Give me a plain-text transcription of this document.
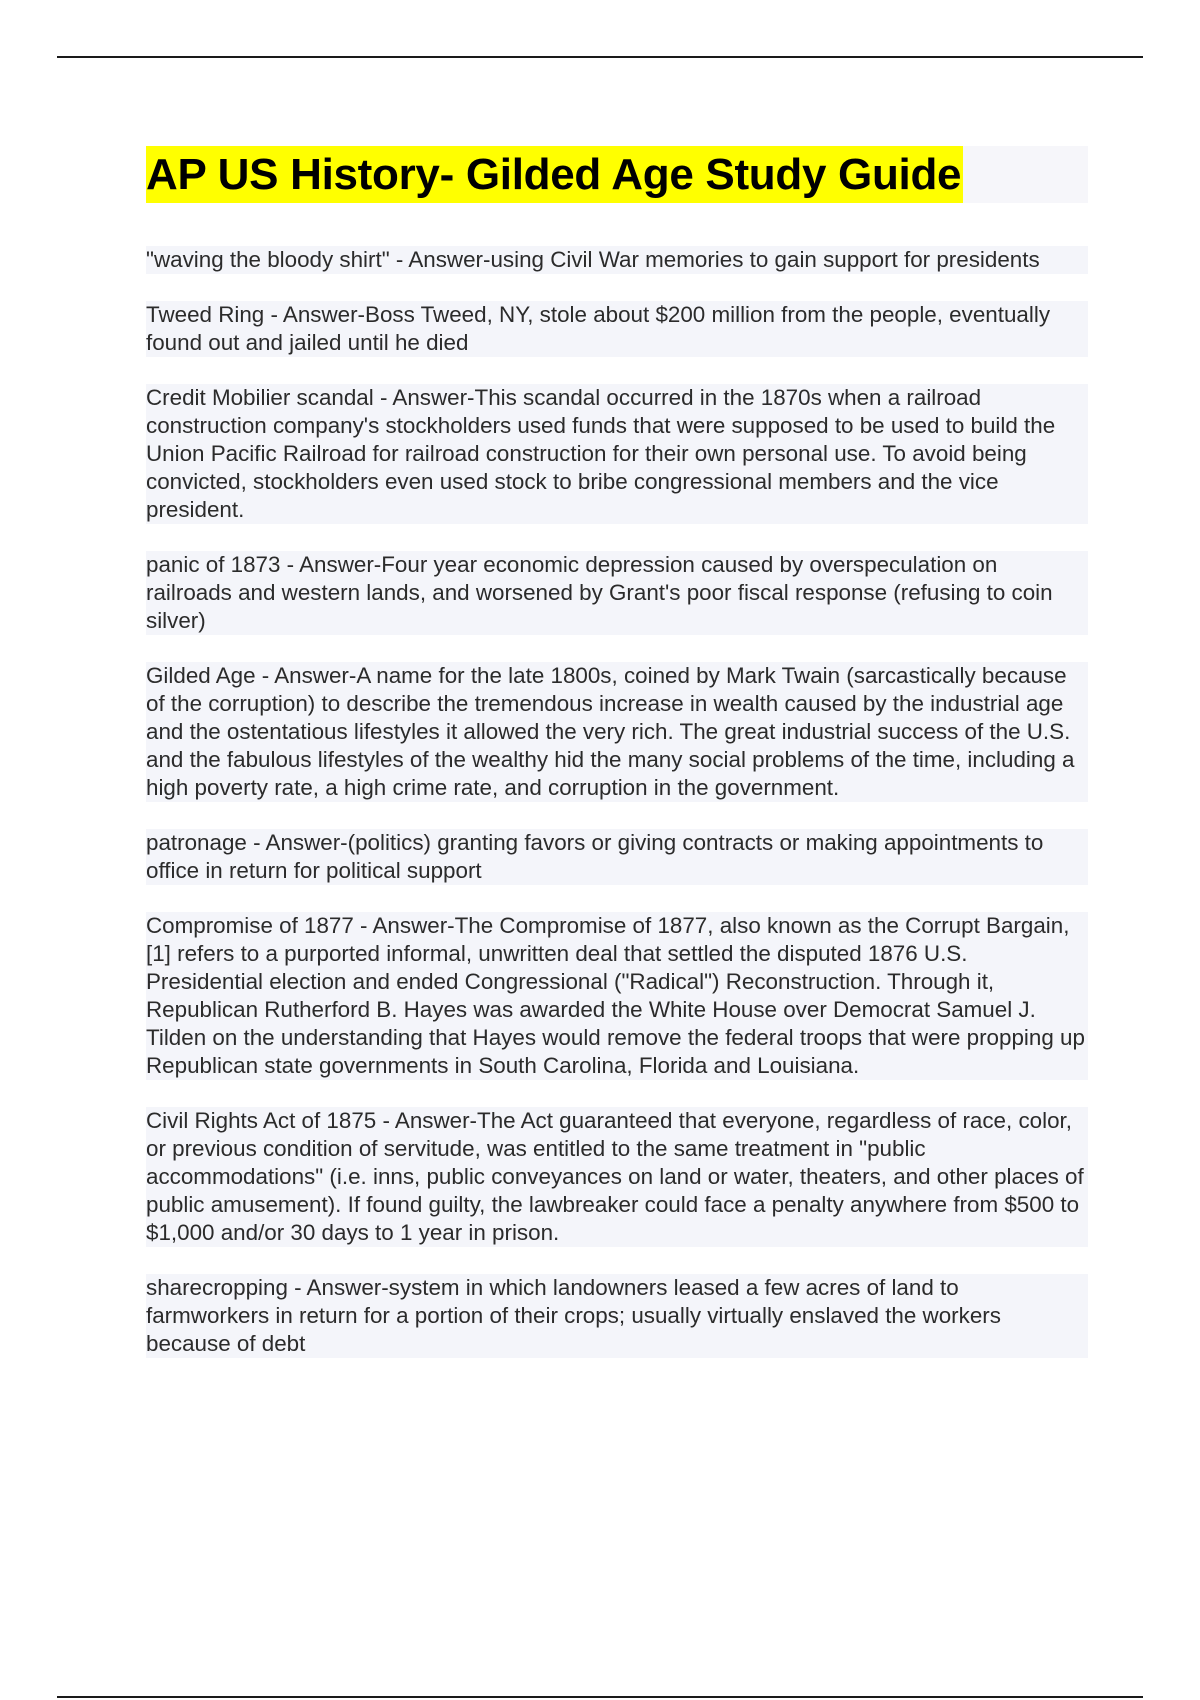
AP US History- Gilded Age Study Guide

"waving the bloody shirt" - Answer-using Civil War memories to gain support for presidents

Tweed Ring - Answer-Boss Tweed, NY, stole about $200 million from the people, eventually found out and jailed until he died

Credit Mobilier scandal - Answer-This scandal occurred in the 1870s when a railroad construction company's stockholders used funds that were supposed to be used to build the Union Pacific Railroad for railroad construction for their own personal use. To avoid being convicted, stockholders even used stock to bribe congressional members and the vice president.

panic of 1873 - Answer-Four year economic depression caused by overspeculation on railroads and western lands, and worsened by Grant's poor fiscal response (refusing to coin silver)

Gilded Age - Answer-A name for the late 1800s, coined by Mark Twain (sarcastically because of the corruption) to describe the tremendous increase in wealth caused by the industrial age and the ostentatious lifestyles it allowed the very rich. The great industrial success of the U.S. and the fabulous lifestyles of the wealthy hid the many social problems of the time, including a high poverty rate, a high crime rate, and corruption in the government.

patronage - Answer-(politics) granting favors or giving contracts or making appointments to office in return for political support

Compromise of 1877 - Answer-The Compromise of 1877, also known as the Corrupt Bargain,[1] refers to a purported informal, unwritten deal that settled the disputed 1876 U.S. Presidential election and ended Congressional ("Radical") Reconstruction. Through it, Republican Rutherford B. Hayes was awarded the White House over Democrat Samuel J. Tilden on the understanding that Hayes would remove the federal troops that were propping up Republican state governments in South Carolina, Florida and Louisiana.

Civil Rights Act of 1875 - Answer-The Act guaranteed that everyone, regardless of race, color, or previous condition of servitude, was entitled to the same treatment in "public accommodations" (i.e. inns, public conveyances on land or water, theaters, and other places of public amusement). If found guilty, the lawbreaker could face a penalty anywhere from $500 to $1,000 and/or 30 days to 1 year in prison.

sharecropping - Answer-system in which landowners leased a few acres of land to farmworkers in return for a portion of their crops; usually virtually enslaved the workers because of debt
